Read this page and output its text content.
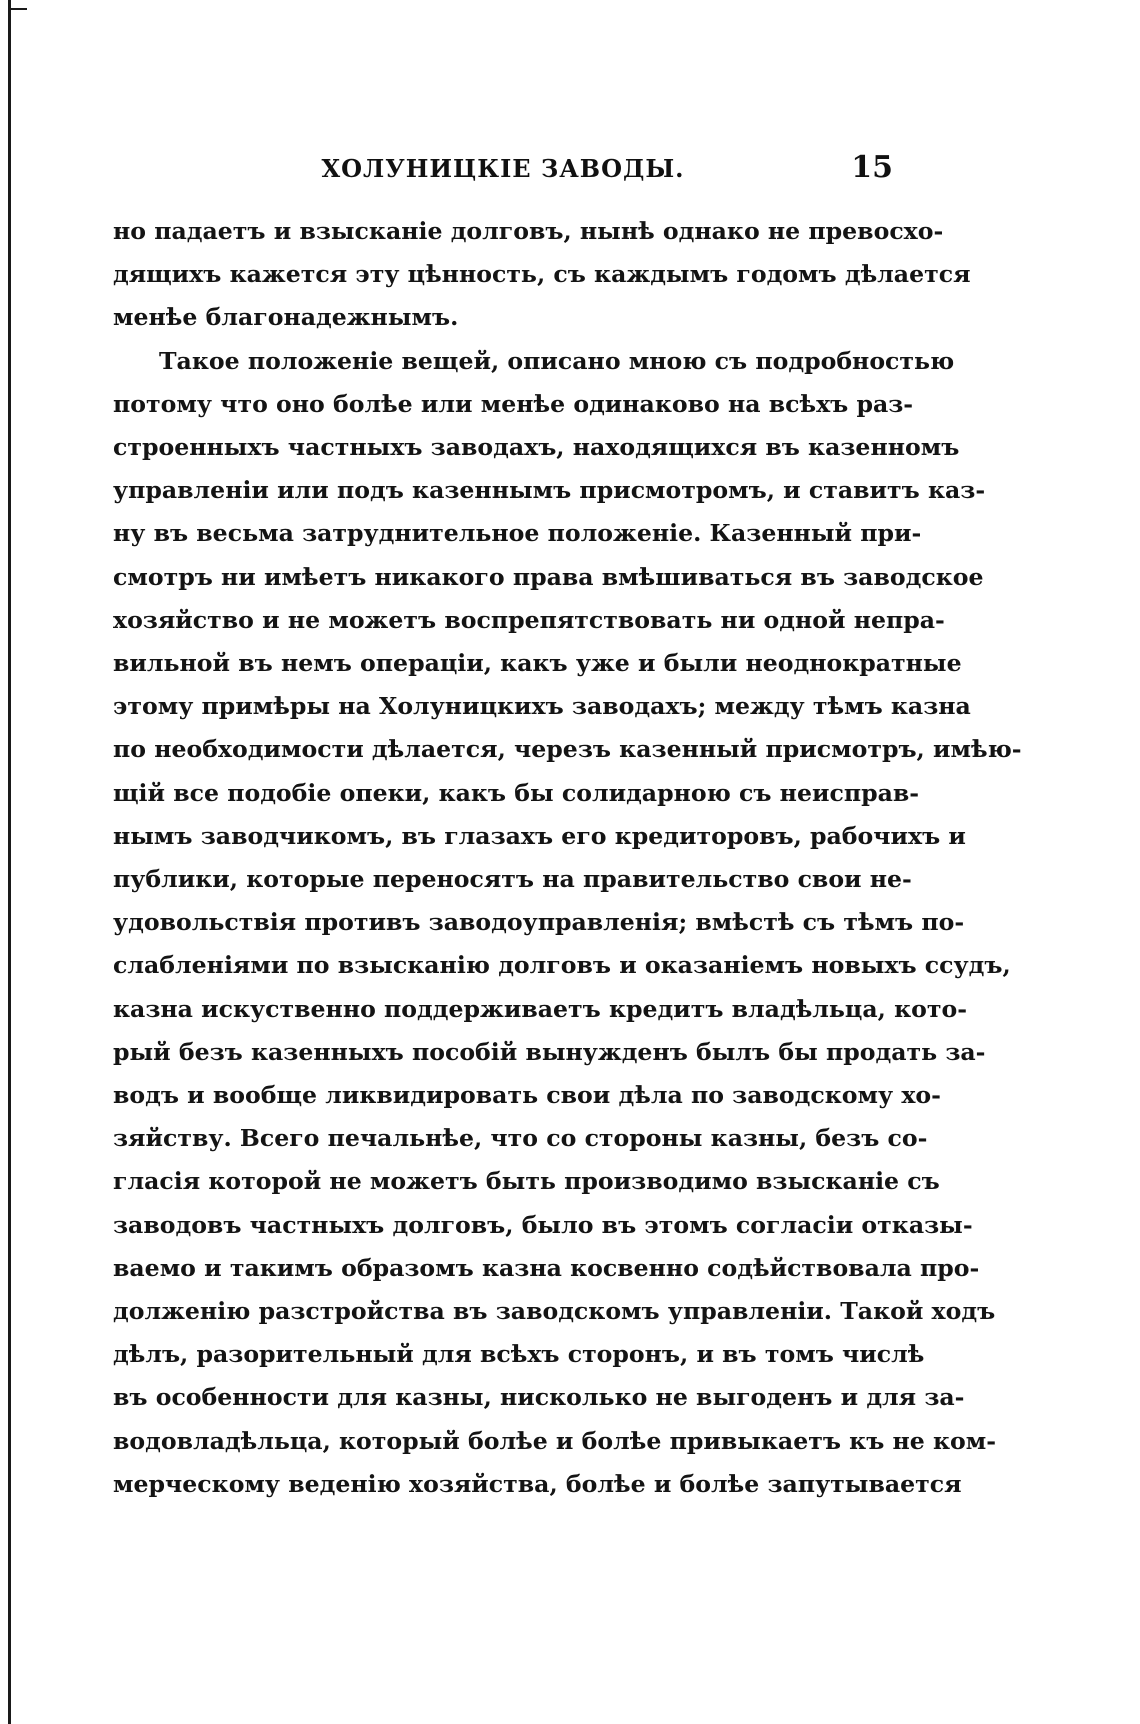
ХОЛУНИЦКІЕ ЗАВОДЫ.	15
но падаетъ и взысканіе долговъ, нынѣ однако не превосхо-
дящихъ кажется эту цѣнность, съ каждымъ годомъ дѣлается
менѣе благонадежнымъ.
Такое положеніе вещей, описано мною съ подробностью
потому что оно болѣе или менѣе одинаково на всѣхъ раз-
строенныхъ частныхъ заводахъ, находящихся въ казенномъ
управленіи или подъ казеннымъ присмотромъ, и ставитъ каз-
ну въ весьма затруднительное положеніе. Казенный при-
смотръ ни имѣетъ никакого права вмѣшиваться въ заводское
хозяйство и не можетъ воспрепятствовать ни одной непра-
вильной въ немъ операціи, какъ уже и были неоднократные
этому примѣры на Холуницкихъ заводахъ; между тѣмъ казна
по необходимости дѣлается, черезъ казенный присмотръ, имѣю-
щій все подобіе опеки, какъ бы солидарною съ неисправ-
нымъ заводчикомъ, въ глазахъ его кредиторовъ, рабочихъ и
публики, которые переносятъ на правительство свои не-
удовольствія противъ заводоуправленія; вмѣстѣ съ тѣмъ по-
слабленіями по взысканію долговъ и оказаніемъ новыхъ ссудъ,
казна искуственно поддерживаетъ кредитъ владѣльца, кото-
рый безъ казенныхъ пособій вынужденъ былъ бы продать за-
водъ и вообще ликвидировать свои дѣла по заводскому хо-
зяйству. Всего печальнѣе, что со стороны казны, безъ со-
гласія которой не можетъ быть производимо взысканіе съ
заводовъ частныхъ долговъ, было въ этомъ согласіи отказы-
ваемо и такимъ образомъ казна косвенно содѣйствовала про-
долженію разстройства въ заводскомъ управленіи. Такой ходъ
дѣлъ, разорительный для всѣхъ сторонъ, и въ томъ числѣ
въ особенности для казны, нисколько не выгоденъ и для за-
водовладѣльца, который болѣе и болѣе привыкаетъ къ не ком-
мерческому веденію хозяйства, болѣе и болѣе запутывается
